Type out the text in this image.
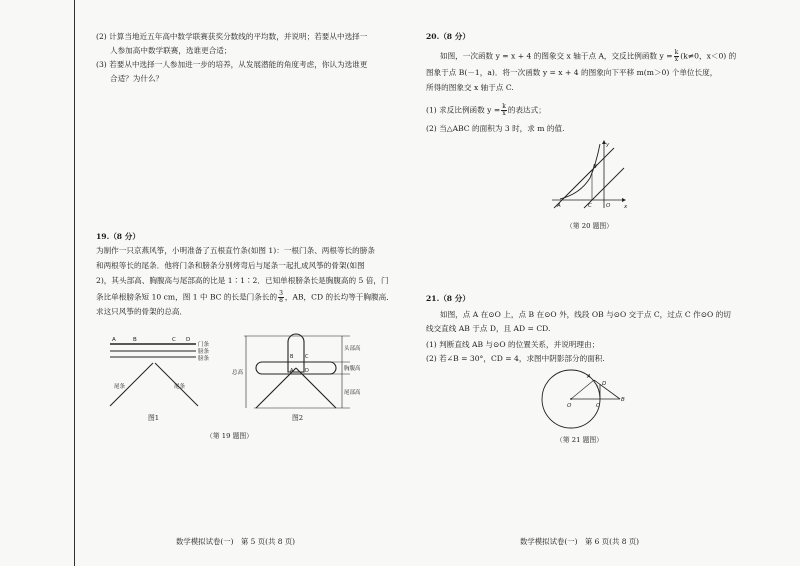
(2) 计算当地近五年高中数学联赛获奖分数线的平均数，并说明；若要从中选择一
人参加高中数学联赛，选谁更合适；
(3) 若要从中选择一人参加进一步的培养，从发展潜能的角度考虑，你认为选谁更
合适？为什么？
19.（8 分）
为制作一只京燕风筝，小明准备了五根直竹条(如图 1)：一根门条、两根等长的膀条
和两根等长的尾条．他将门条和膀条分别烤弯后与尾条一起扎成风筝的骨架(如图
2)，其头部高、胸腹高与尾部高的比是 1∶1∶2．已知单根膀条长是胸腹高的 5 倍，门
条比单根膀条短 10 cm，图 1 中 BC 的长是门条长的 $\frac{3}{8}$ ，AB，CD 的长均等于胸腹高．
求这只风筝的骨架的总高．
A	B	C D
门条
膀条
膀条
尾条	尾条
图1
B C
A D
头部高
胸腹高
尾部高
总高
图2
（第 19 题图）
数学模拟试卷(一)　第 5 页(共 8 页)
20.（8 分）
如图，一次函数 y = x + 4 的图象交 x 轴于点 A，交反比例函数 $y = \frac{k}{x} (k\ne 0$，x＜0) 的
图象于点 B(－1，a)．将一次函数 y = x + 4 的图象向下平移 m(m＞0) 个单位长度，
所得的图象交 x 轴于点 C.
(1) 求反比例函数 $y = \frac{k}{x}$ 的表达式；
(2) 当△ABC 的面积为 3 时，求 m 的值.
y
x
A
B
C	O
（第 20 题图）
21.（8 分）
如图，点 A 在⊙O 上，点 B 在⊙O 外，线段 OB 与⊙O 交于点 C，过点 C 作⊙O 的切
线交直线 AB 于点 D，且 AD = CD.
(1) 判断直线 AB 与⊙O 的位置关系，并说明理由；
(2) 若∠B = 30°，CD = 4，求图中阴影部分的面积.
A
D
O	C
B
（第 21 题图）
数学模拟试卷(一)　第 6 页(共 8 页)
